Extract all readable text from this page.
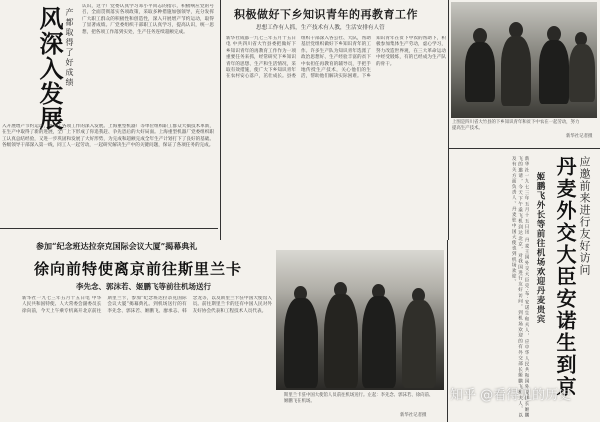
风深入发展 产都取得了好成绩
认识，这个厂党委认真学习邓小平同志的指示，积极响应党的号召，全面贯彻落实各项政策，采取多种措施加强领导，充分发挥广大职工群众的积极性和创造性，深入开展增产节约运动，取得了显著成绩。厂党委组织干部职工认真学习，提高认识，统一思想，把各项工作落到实处，生产任务连续超额完成。
入开展增产节约运动，推动了各项工作的深入发展。上海重型机器厂等单位组织职工群众大搞技术革新，在生产中取得了新的进展，全厂上下形成了你追我赶、争先恐后的大好局面。上海重型机器厂党委组织职工认真总结经验，又进一步巩固和发展了大好形势，为完成和超额完成全年生产计划打下了良好的基础。各级领导干部深入第一线，同工人一起劳动，一起研究解决生产中的关键问题，保证了各项任务的完成。
积极做好下乡知识青年的再教育工作
思想工作有人抓，生产技术有人教，生活安排有人管
新华社成都一九七三年五月十五日电 中共四川省大竹县委把做好下乡知识青年的再教育工作作为一项重要任务来抓，经常研究下乡知识青年的思想、生产和生活情况，采取有效措施，使广大下乡知识青年在农村安心落户，茁壮成长。县委组织干部深入各公社、大队，帮助基层党组织做好下乡知识青年的工作。许多生产队为知识青年选派了政治思想好、生产经验丰富的贫下中农担任再教育的辅导员，手把手地传授生产技术，关心他们的生活，帮助他们解决实际困难。下乡知识青年在贫下中农的帮助下，积极参加集体生产劳动，虚心学习，努力改造世界观，在三大革命运动中经受锻炼，有的已经成为生产队的骨干。
上图是四川省大竹县的下乡知识青年和贫下中农在一起劳动，努力提高生产技术。
新华社记者摄
参加“纪念班达拉奈克国际会议大厦”揭幕典礼
徐向前特使离京前往斯里兰卡
李先念、郭沫若、姬鹏飞等前往机场送行
新华社一九七三年五月十五日电 中华人民共和国特使、人大常委会副委员长徐向前，今天上午乘专机离开北京前往斯里兰卡，参加“纪念班达拉奈克国际会议大厦”揭幕典礼。到机场送行的有李先念、郭沫若、姬鹏飞、廖承志、韩念龙等，以及斯里兰卡驻中国大使馆人员。前往斯里兰卡的还有中国人民对外友好协会代表和工程技术人员代表。
斯里兰卡驻中国大使馆人员前往机场送行。左起：李先念、郭沫若、徐向前、姬鹏飞在机场。
新华社记者摄
应邀前来进行友好访问
丹麦外交大臣安诺生到京
姬鹏飞外长等前往机场欢迎丹麦贵宾
新华社一九七三年五月十五日讯 丹麦王国外交大臣克·布·安诺生和夫人，应中华人民共和国外交部长姬鹏飞的邀请，今天下午乘飞机到达北京，对我国进行友好访问。到机场欢迎的有外交部长姬鹏飞和夫人，以及有关方面负责人。丹麦驻中国大使也到机场欢迎。
知乎 @看得见的历史
